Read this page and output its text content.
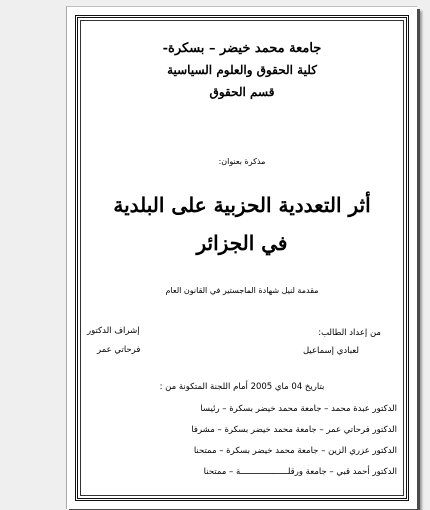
جامعة محمد خيضر – بسكرة-
كلية الحقوق والعلوم السياسية
قسم الحقوق
مذكرة بعنوان:
أثر التعددية الحزبية على البلدية
في الجزائر
مقدمة لنيل شهادة الماجستير في القانون العام
من إعداد الطالب:
إشراف الدكتور
لعبادي إسماعيل
فرحاتي عمر
بتاريخ 04 ماي 2005 أمام اللجنة المتكونة من :
الدكتور عبدة محمد – جامعة محمد خيضر بسكرة – رئيسا
الدكتور فرحاتي عمر – جامعة محمد خيضر بسكرة – مشرفا
الدكتور عزري الزين – جامعة محمد خيضر بسكرة – ممتحنا
الدكتور أحمد قبي – جامعة ورقلـــــــــــــــــــة – ممتحنا
